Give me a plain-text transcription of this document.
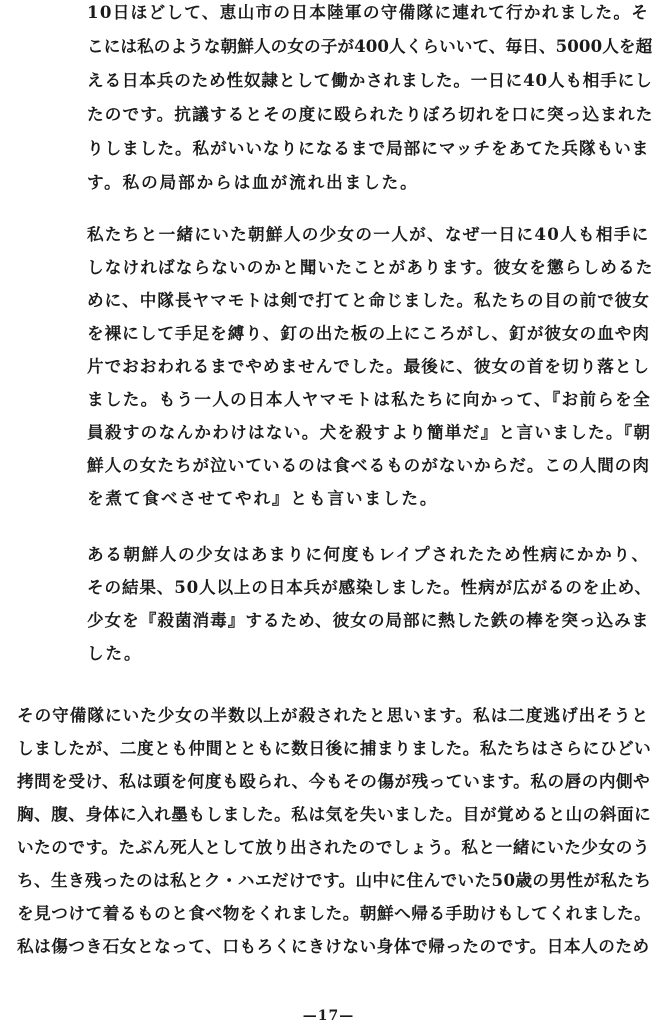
10日ほどして、恵山市の日本陸軍の守備隊に連れて行かれました。そ
こには私のような朝鮮人の女の子が400人くらいいて、毎日、5000人を超
える日本兵のため性奴隷として働かされました。一日に40人も相手にし
たのです。抗議するとその度に殴られたりぼろ切れを口に突っ込まれた
りしました。私がいいなりになるまで局部にマッチをあてた兵隊もいま
す。私の局部からは血が流れ出ました。
私たちと一緒にいた朝鮮人の少女の一人が、なぜ一日に40人も相手に
しなければならないのかと聞いたことがあります。彼女を懲らしめるた
めに、中隊長ヤマモトは剣で打てと命じました。私たちの目の前で彼女
を裸にして手足を縛り、釘の出た板の上にころがし、釘が彼女の血や肉
片でおおわれるまでやめませんでした。最後に、彼女の首を切り落とし
ました。もう一人の日本人ヤマモトは私たちに向かって、『お前らを全
員殺すのなんかわけはない。犬を殺すより簡単だ』と言いました。『朝
鮮人の女たちが泣いているのは食べるものがないからだ。この人間の肉
を煮て食べさせてやれ』とも言いました。
ある朝鮮人の少女はあまりに何度もレイプされたため性病にかかり、
その結果、50人以上の日本兵が感染しました。性病が広がるのを止め、
少女を『殺菌消毒』するため、彼女の局部に熱した鉄の棒を突っ込みま
した。
その守備隊にいた少女の半数以上が殺されたと思います。私は二度逃げ出そうと
しましたが、二度とも仲間とともに数日後に捕まりました。私たちはさらにひどい
拷問を受け、私は頭を何度も殴られ、今もその傷が残っています。私の唇の内側や
胸、腹、身体に入れ墨もしました。私は気を失いました。目が覚めると山の斜面に
いたのです。たぶん死人として放り出されたのでしょう。私と一緒にいた少女のう
ち、生き残ったのは私とク・ハエだけです。山中に住んでいた50歳の男性が私たち
を見つけて着るものと食べ物をくれました。朝鮮へ帰る手助けもしてくれました。
私は傷つき石女となって、口もろくにきけない身体で帰ったのです。日本人のため
—17—
